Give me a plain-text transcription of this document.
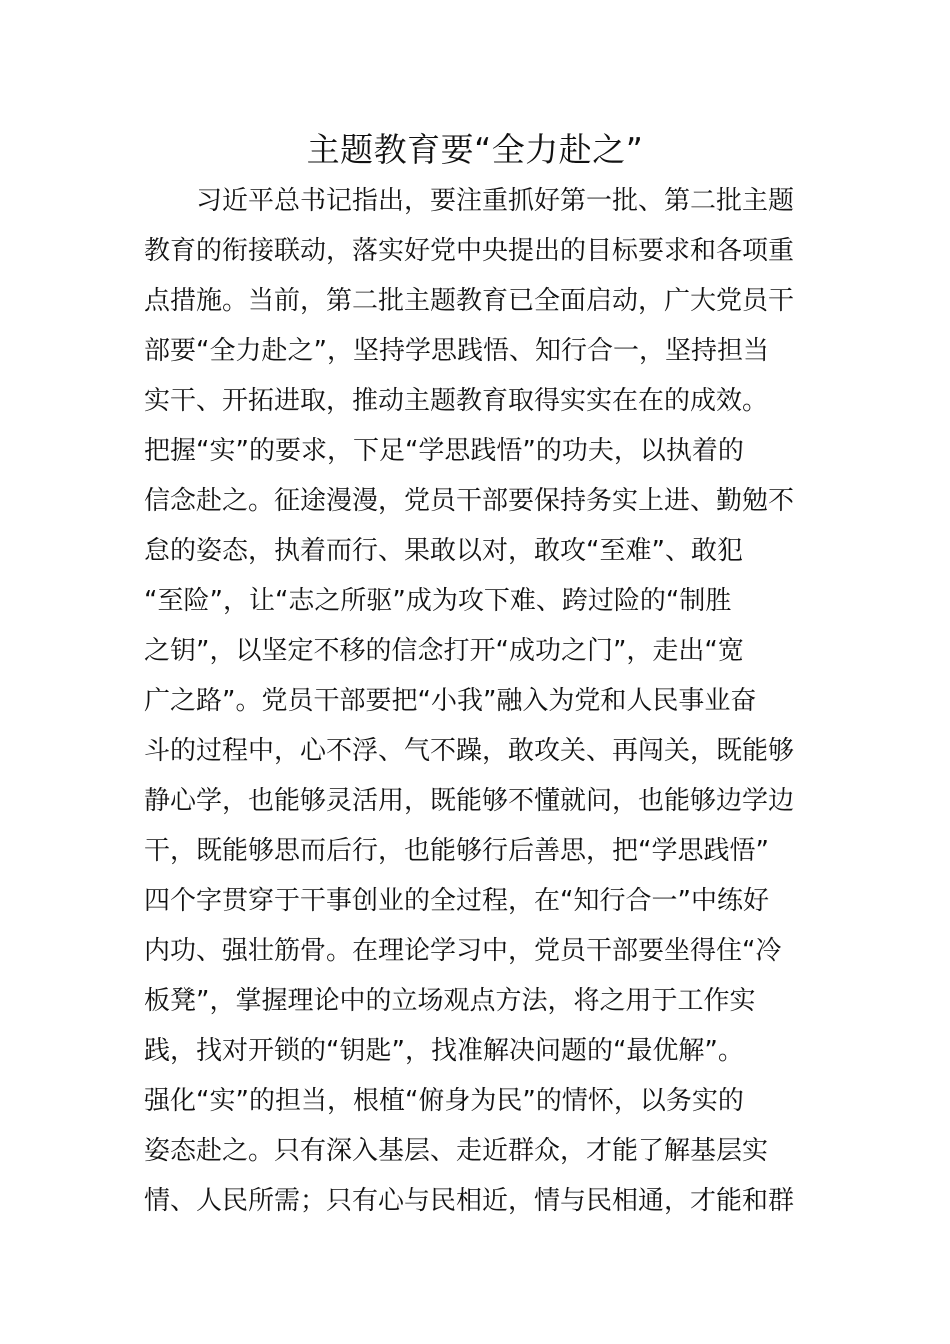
主题教育要“全力赴之”

　　习近平总书记指出，要注重抓好第一批、第二批主题

教育的衔接联动，落实好党中央提出的目标要求和各项重

点措施。当前，第二批主题教育已全面启动，广大党员干

部要“全力赴之”，坚持学思践悟、知行合一，坚持担当

实干、开拓进取，推动主题教育取得实实在在的成效。

把握“实”的要求，下足“学思践悟”的功夫，以执着的

信念赴之。征途漫漫，党员干部要保持务实上进、勤勉不

怠的姿态，执着而行、果敢以对，敢攻“至难”、敢犯

“至险”，让“志之所驱”成为攻下难、跨过险的“制胜

之钥”，以坚定不移的信念打开“成功之门”，走出“宽

广之路”。党员干部要把“小我”融入为党和人民事业奋

斗的过程中，心不浮、气不躁，敢攻关、再闯关，既能够

静心学，也能够灵活用，既能够不懂就问，也能够边学边

干，既能够思而后行，也能够行后善思，把“学思践悟”

四个字贯穿于干事创业的全过程，在“知行合一”中练好

内功、强壮筋骨。在理论学习中，党员干部要坐得住“冷

板凳”，掌握理论中的立场观点方法，将之用于工作实

践，找对开锁的“钥匙”，找准解决问题的“最优解”。

强化“实”的担当，根植“俯身为民”的情怀，以务实的

姿态赴之。只有深入基层、走近群众，才能了解基层实

情、人民所需；只有心与民相近，情与民相通，才能和群
